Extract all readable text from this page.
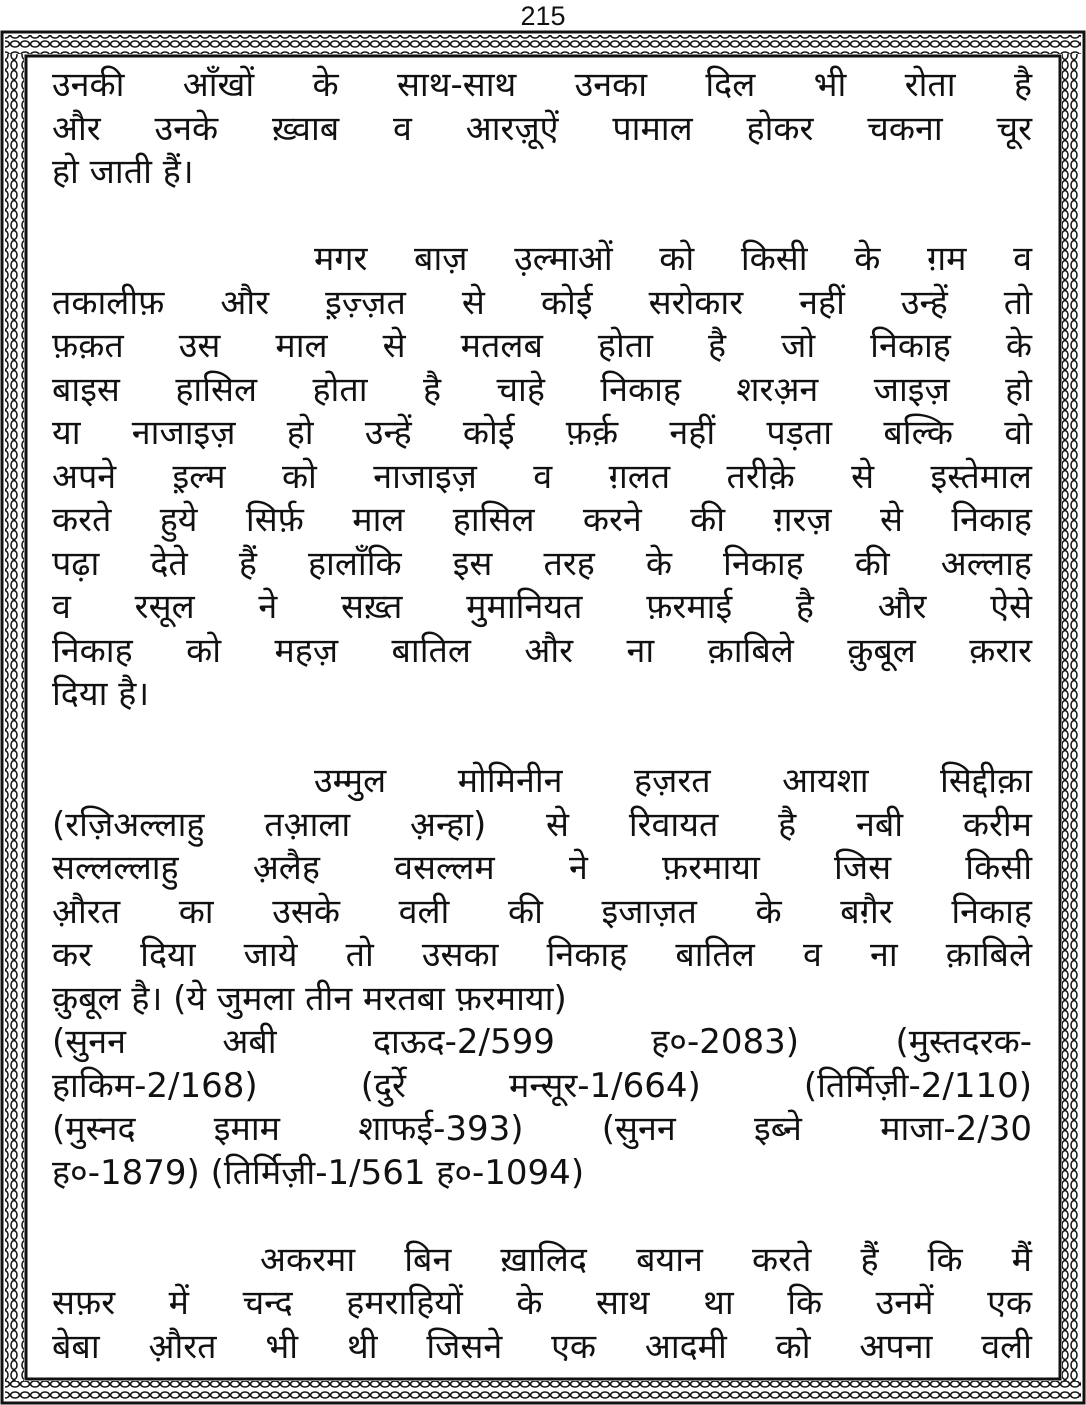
215
उनकी आँखों के साथ-साथ उनका दिल भी रोता है
और उनके ख़्वाब व आरज़ूऐं पामाल होकर चकना चूर
हो जाती हैं।
मगर बाज़ उ़ल्माओं को किसी के ग़म व
तकालीफ़ और इ़ज़्ज़त से कोई सरोकार नहीं उन्हें तो
फ़क़त उस माल से मतलब होता है जो निकाह के
बाइस हासिल होता है चाहे निकाह शरअ़न जाइज़ हो
या नाजाइज़ हो उन्हें कोई फ़र्क़ नहीं पड़ता बल्कि वो
अपने इ़ल्म को नाजाइज़ व ग़लत तरीक़े से इस्तेमाल
करते हुये सिर्फ़ माल हासिल करने की ग़रज़ से निकाह
पढ़ा देते हैं हालाँकि इस तरह के निकाह की अल्लाह
व रसूल ने सख़्त मुमानियत फ़रमाई है और ऐसे
निकाह को महज़ बातिल और ना क़ाबिले क़ुबूल क़रार
दिया है।
उम्मुल मोमिनीन हज़रत आयशा सिद्दीक़ा
(रज़िअल्लाहु तआ़ला अ़न्हा) से रिवायत है नबी करीम
सल्लल्लाहु अ़लैह वसल्लम ने फ़रमाया जिस किसी
औ़रत का उसके वली की इजाज़त के बग़ैर निकाह
कर दिया जाये तो उसका निकाह बातिल व ना क़ाबिले
क़ुबूल है। (ये जुमला तीन मरतबा फ़रमाया)
(सुनन अबी दाऊद-2/599 ह०-2083) (मुस्तदरक-
हाकिम-2/168) (दुर्रे मन्सूर-1/664) (तिर्मिज़ी-2/110)
(मुस्नद इमाम शाफई-393) (सुनन इब्ने माजा-2/30
ह०-1879) (तिर्मिज़ी-1/561 ह०-1094)
अकरमा बिन ख़ालिद बयान करते हैं कि मैं
सफ़र में चन्द हमराहियों के साथ था कि उनमें एक
बेबा औ़रत भी थी जिसने एक आदमी को अपना वली
